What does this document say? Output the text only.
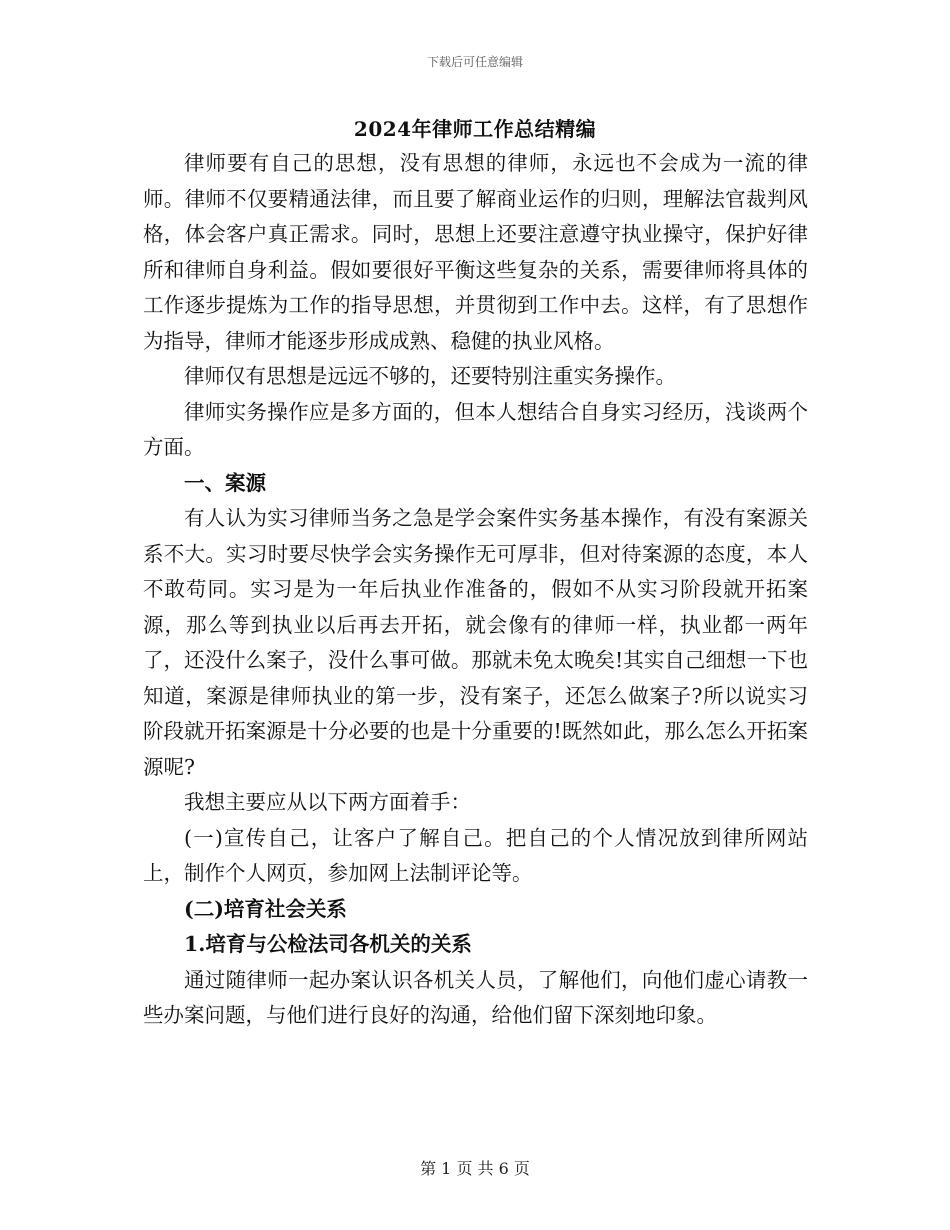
下载后可任意编辑
2024年律师工作总结精编

律师要有自己的思想，没有思想的律师，永远也不会成为一流的律师。律师不仅要精通法律，而且要了解商业运作的归则，理解法官裁判风格，体会客户真正需求。同时，思想上还要注意遵守执业操守，保护好律所和律师自身利益。假如要很好平衡这些复杂的关系，需要律师将具体的工作逐步提炼为工作的指导思想，并贯彻到工作中去。这样，有了思想作为指导，律师才能逐步形成成熟、稳健的执业风格。

律师仅有思想是远远不够的，还要特别注重实务操作。

律师实务操作应是多方面的，但本人想结合自身实习经历，浅谈两个方面。

一、案源

有人认为实习律师当务之急是学会案件实务基本操作，有没有案源关系不大。实习时要尽快学会实务操作无可厚非，但对待案源的态度，本人不敢苟同。实习是为一年后执业作准备的，假如不从实习阶段就开拓案源，那么等到执业以后再去开拓，就会像有的律师一样，执业都一两年了，还没什么案子，没什么事可做。那就未免太晚矣!其实自己细想一下也知道，案源是律师执业的第一步，没有案子，还怎么做案子?所以说实习阶段就开拓案源是十分必要的也是十分重要的!既然如此，那么怎么开拓案源呢?

我想主要应从以下两方面着手：

(一)宣传自己，让客户了解自己。把自己的个人情况放到律所网站上，制作个人网页，参加网上法制评论等。

(二)培育社会关系

1.培育与公检法司各机关的关系

通过随律师一起办案认识各机关人员，了解他们，向他们虚心请教一些办案问题，与他们进行良好的沟通，给他们留下深刻地印象。

第 1 页 共 6 页
